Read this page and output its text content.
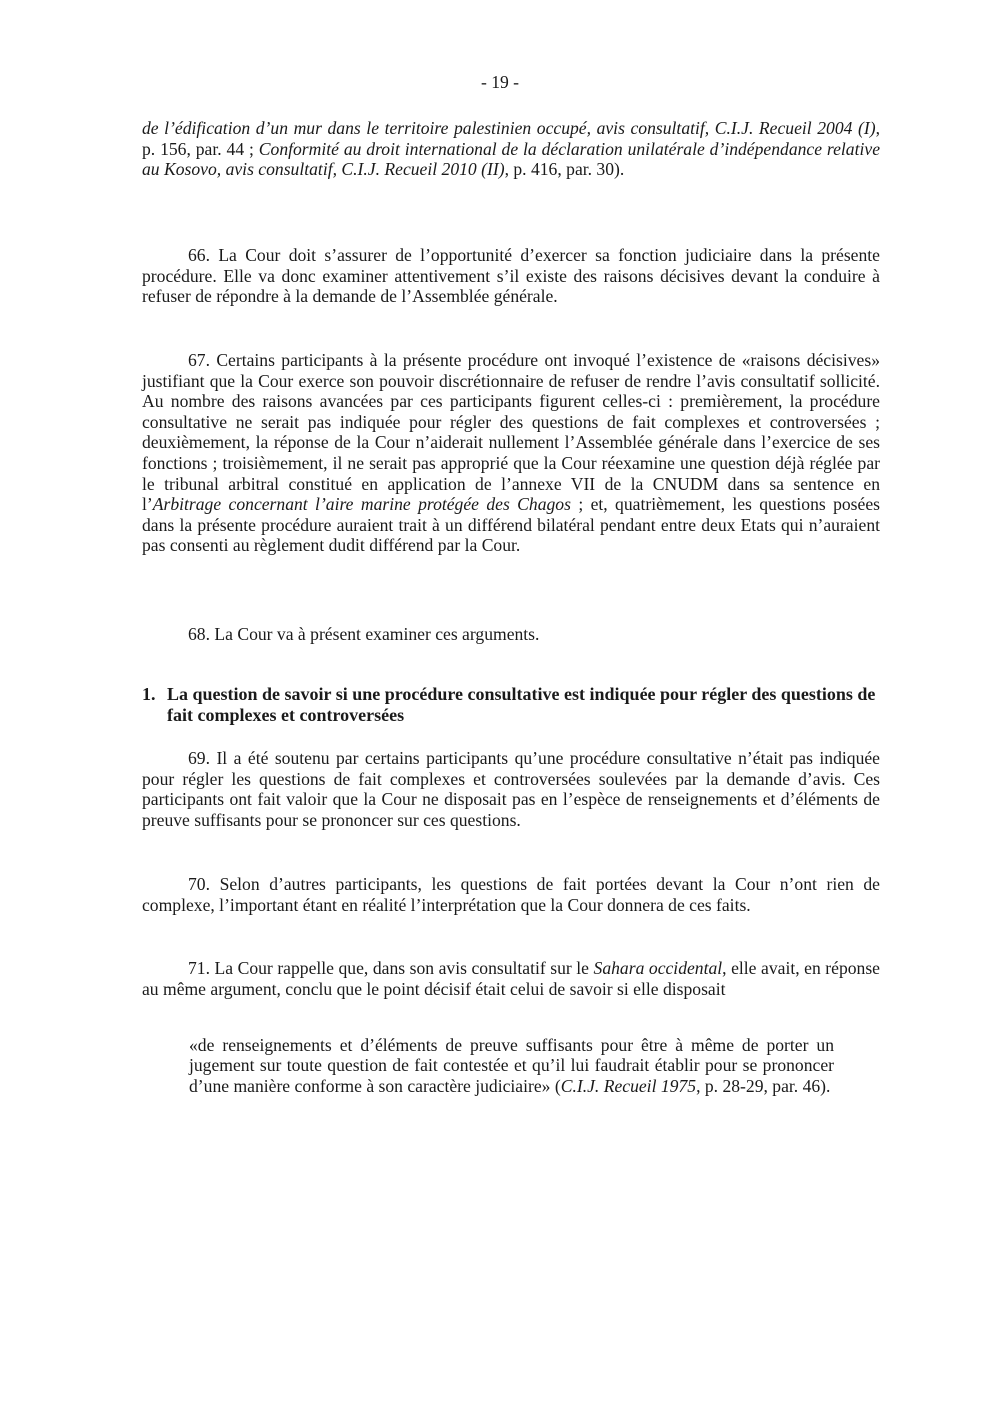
- 19 -

de l’édification d’un mur dans le territoire palestinien occupé, avis consultatif, C.I.J. Recueil 2004 (I), p. 156, par. 44 ; Conformité au droit international de la déclaration unilatérale d’indépendance relative au Kosovo, avis consultatif, C.I.J. Recueil 2010 (II), p. 416, par. 30).

66. La Cour doit s’assurer de l’opportunité d’exercer sa fonction judiciaire dans la présente procédure. Elle va donc examiner attentivement s’il existe des raisons décisives devant la conduire à refuser de répondre à la demande de l’Assemblée générale.

67. Certains participants à la présente procédure ont invoqué l’existence de «raisons décisives» justifiant que la Cour exerce son pouvoir discrétionnaire de refuser de rendre l’avis consultatif sollicité. Au nombre des raisons avancées par ces participants figurent celles-ci : premièrement, la procédure consultative ne serait pas indiquée pour régler des questions de fait complexes et controversées ; deuxièmement, la réponse de la Cour n’aiderait nullement l’Assemblée générale dans l’exercice de ses fonctions ; troisièmement, il ne serait pas approprié que la Cour réexamine une question déjà réglée par le tribunal arbitral constitué en application de l’annexe VII de la CNUDM dans sa sentence en l’Arbitrage concernant l’aire marine protégée des Chagos ; et, quatrièmement, les questions posées dans la présente procédure auraient trait à un différend bilatéral pendant entre deux Etats qui n’auraient pas consenti au règlement dudit différend par la Cour.

68. La Cour va à présent examiner ces arguments.

1. La question de savoir si une procédure consultative est indiquée pour régler des questions de fait complexes et controversées

69. Il a été soutenu par certains participants qu’une procédure consultative n’était pas indiquée pour régler les questions de fait complexes et controversées soulevées par la demande d’avis. Ces participants ont fait valoir que la Cour ne disposait pas en l’espèce de renseignements et d’éléments de preuve suffisants pour se prononcer sur ces questions.

70. Selon d’autres participants, les questions de fait portées devant la Cour n’ont rien de complexe, l’important étant en réalité l’interprétation que la Cour donnera de ces faits.

71. La Cour rappelle que, dans son avis consultatif sur le Sahara occidental, elle avait, en réponse au même argument, conclu que le point décisif était celui de savoir si elle disposait

«de renseignements et d’éléments de preuve suffisants pour être à même de porter un jugement sur toute question de fait contestée et qu’il lui faudrait établir pour se prononcer d’une manière conforme à son caractère judiciaire» (C.I.J. Recueil 1975, p. 28-29, par. 46).
